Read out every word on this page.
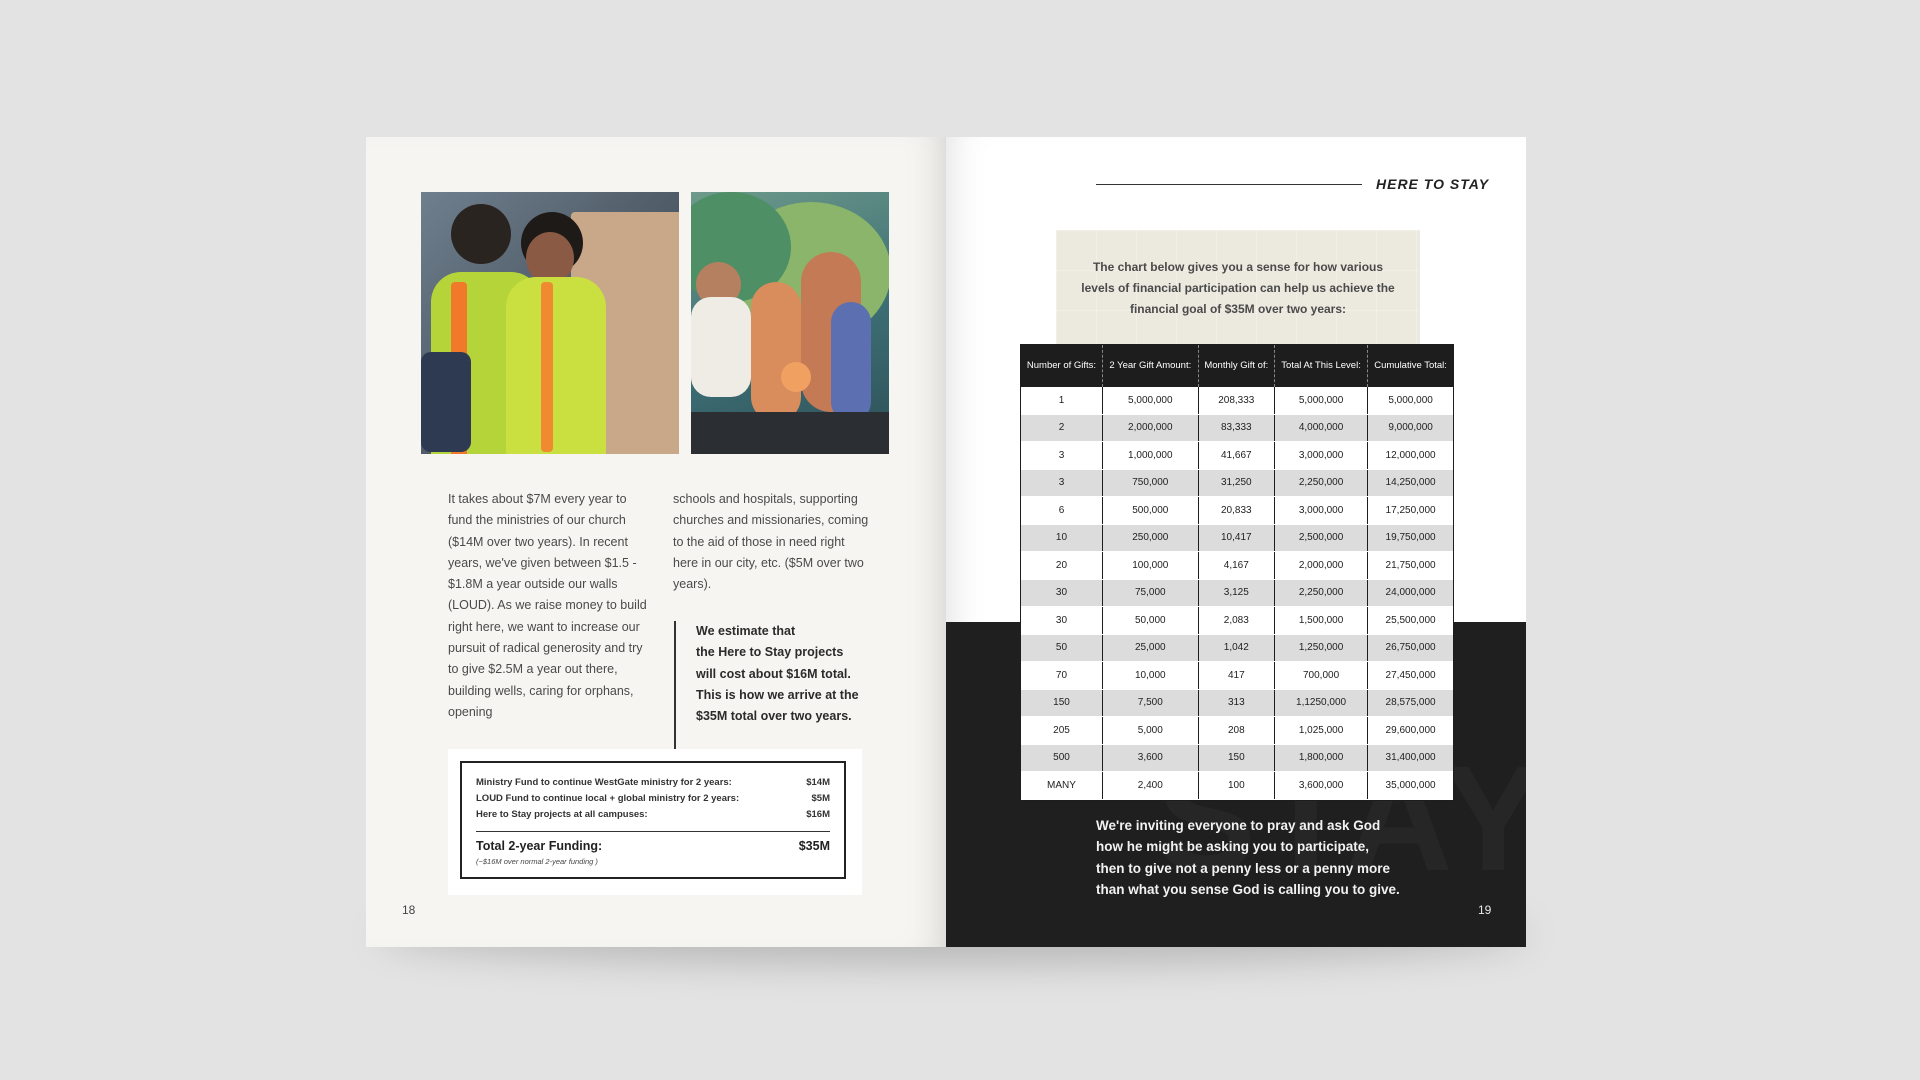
It takes about $7M every year to fund the ministries of our church ($14M over two years). In recent years, we've given between $1.5 - $1.8M a year outside our walls (LOUD). As we raise money to build right here, we want to increase our pursuit of radical generosity and try to give $2.5M a year out there, building wells, caring for orphans, opening
schools and hospitals, supporting churches and missionaries, coming to the aid of those in need right here in our city, etc. ($5M over two years).
We estimate that
the Here to Stay projects
will cost about $16M total.
This is how we arrive at the
$35M total over two years.
Ministry Fund to continue WestGate ministry for 2 years:	$14M
LOUD Fund to continue local + global ministry for 2 years:	$5M
Here to Stay projects at all campuses:	$16M
Total 2-year Funding:	$35M
(~$16M over normal 2-year funding )
18
HERE TO STAY
The chart below gives you a sense for how various levels of financial participation can help us achieve the financial goal of $35M over two years:
Number of Gifts:	2 Year Gift Amount:	Monthly Gift of:	Total At This Level:	Cumulative Total:
1	5,000,000	208,333	5,000,000	5,000,000
2	2,000,000	83,333	4,000,000	9,000,000
3	1,000,000	41,667	3,000,000	12,000,000
3	750,000	31,250	2,250,000	14,250,000
6	500,000	20,833	3,000,000	17,250,000
10	250,000	10,417	2,500,000	19,750,000
20	100,000	4,167	2,000,000	21,750,000
30	75,000	3,125	2,250,000	24,000,000
30	50,000	2,083	1,500,000	25,500,000
50	25,000	1,042	1,250,000	26,750,000
70	10,000	417	700,000	27,450,000
150	7,500	313	1,1250,000	28,575,000
205	5,000	208	1,025,000	29,600,000
500	3,600	150	1,800,000	31,400,000
MANY	2,400	100	3,600,000	35,000,000
We're inviting everyone to pray and ask God
how he might be asking you to participate,
then to give not a penny less or a penny more
than what you sense God is calling you to give.
19
